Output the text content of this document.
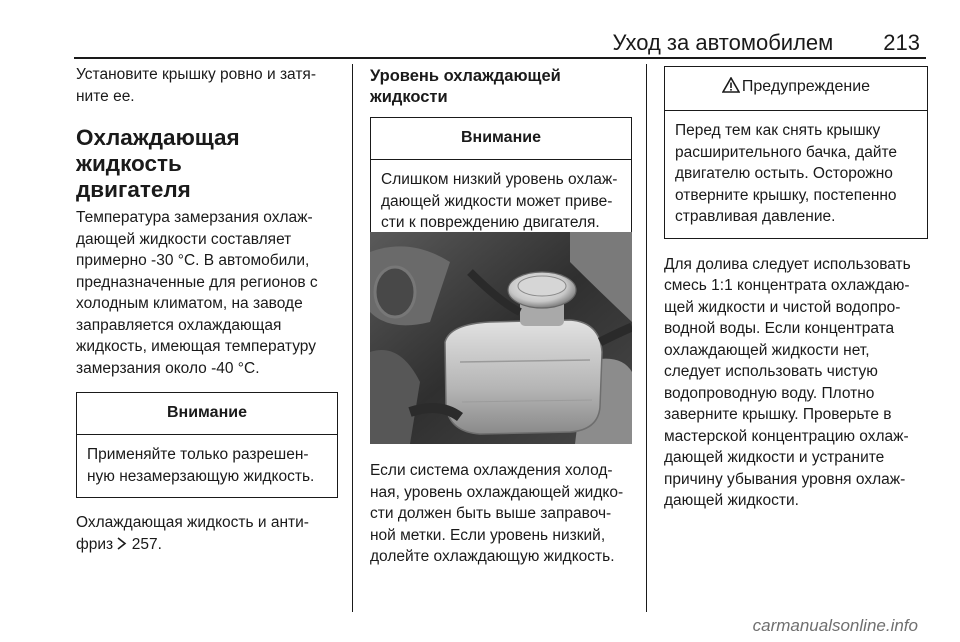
Уход за автомобилем 213

Установите крышку ровно и затя-
ните ее.

Охлаждающая жидкость
двигателя

Температура замерзания охлаж-
дающей жидкости составляет
примерно -30 °C. В автомобили,
предназначенные для регионов с
холодным климатом, на заводе
заправляется охлаждающая
жидкость, имеющая температуру
замерзания около -40 °C.

Внимание
Применяйте только разрешен-
ную незамерзающую жидкость.

Охлаждающая жидкость и анти-
фриз  257.

Уровень охлаждающей
жидкости
Внимание
Слишком низкий уровень охлаж-
дающей жидкости может приве-
сти к повреждению двигателя.

Если система охлаждения холод-
ная, уровень охлаждающей жидко-
сти должен быть выше заправоч-
ной метки. Если уровень низкий,
долейте охлаждающую жидкость.

Предупреждение
Перед тем как снять крышку
расширительного бачка, дайте
двигателю остыть. Осторожно
отверните крышку, постепенно
стравливая давление.

Для долива следует использовать
смесь 1:1 концентрата охлаждаю-
щей жидкости и чистой водопро-
водной воды. Если концентрата
охлаждающей жидкости нет,
следует использовать чистую
водопроводную воду. Плотно
заверните крышку. Проверьте в
мастерской концентрацию охлаж-
дающей жидкости и устраните
причину убывания уровня охлаж-
дающей жидкости.

carmanualsonline.info
